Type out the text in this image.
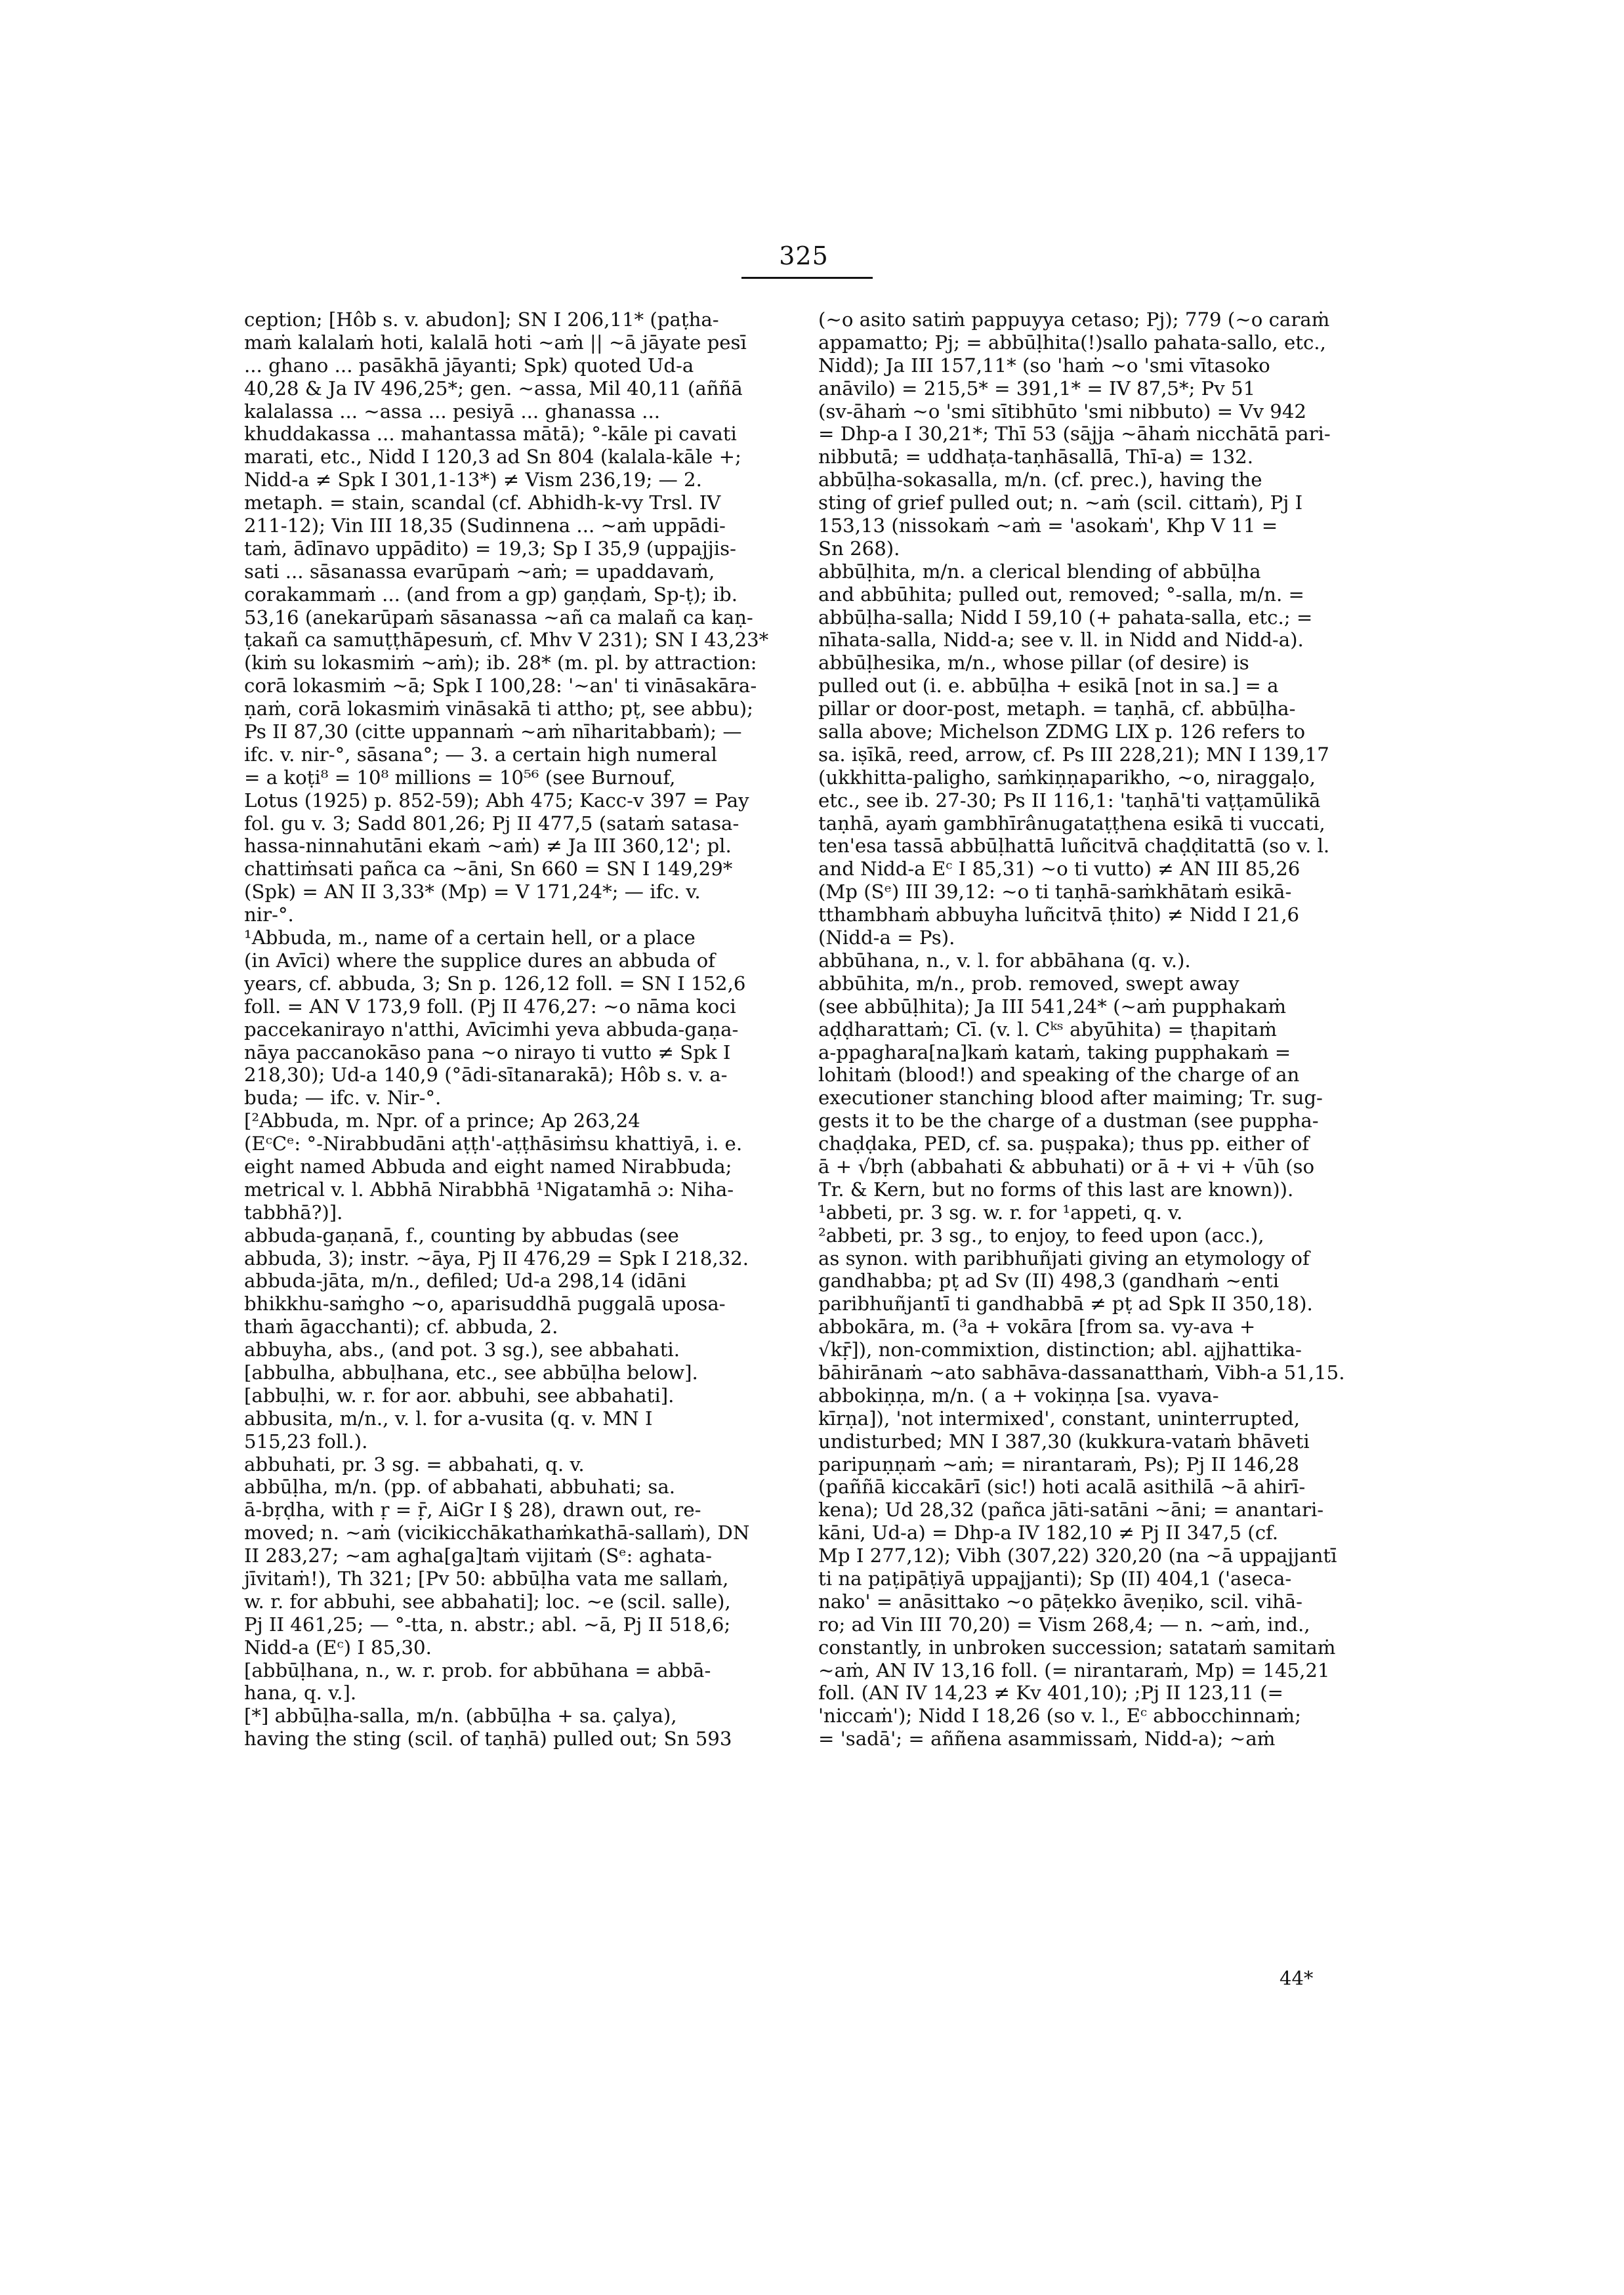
325
ception; [Hôb s. v. abudon]; SN I 206,11* (paṭha-
maṁ kalalaṁ hoti, kalalā hoti ~aṁ || ~ā jāyate pesī
... ghano ... pasākhā jāyanti; Spk) quoted Ud-a
40,28 & Ja IV 496,25*; gen. ~assa, Mil 40,11 (aññā
kalalassa ... ~assa ... pesiyā ... ghanassa ...
khuddakassa ... mahantassa mātā); °-kāle pi cavati
marati, etc., Nidd I 120,3 ad Sn 804 (kalala-kāle +;
Nidd-a ≠ Spk I 301,1-13*) ≠ Vism 236,19; — 2.
metaph. = stain, scandal (cf. Abhidh-k-vy Trsl. IV
211-12); Vin III 18,35 (Sudinnena ... ~aṁ uppādi-
taṁ, ādīnavo uppādito) = 19,3; Sp I 35,9 (uppajjis-
sati ... sāsanassa evarūpaṁ ~aṁ; = upaddavaṁ,
corakammaṁ ... (and from a gp) gaṇḍaṁ, Sp-ṭ); ib.
53,16 (anekarūpaṁ sāsanassa ~añ ca malañ ca kaṇ-
ṭakañ ca samuṭṭhāpesuṁ, cf. Mhv V 231); SN I 43,23*
(kiṁ su lokasmiṁ ~aṁ); ib. 28* (m. pl. by attraction:
corā lokasmiṁ ~ā; Spk I 100,28: '~an' ti vināsakāra-
ṇaṁ, corā lokasmiṁ vināsakā ti attho; pṭ, see abbu);
Ps II 87,30 (citte uppannaṁ ~aṁ nīharitabbaṁ); —
ifc. v. nir-°, sāsana°; — 3. a certain high numeral
= a koṭi⁸ = 10⁸ millions = 10⁵⁶ (see Burnouf,
Lotus (1925) p. 852-59); Abh 475; Kacc-v 397 = Pay
fol. gu v. 3; Sadd 801,26; Pj II 477,5 (sataṁ satasa-
hassa-ninnahutāni ekaṁ ~aṁ) ≠ Ja III 360,12'; pl.
chattiṁsati pañca ca ~āni, Sn 660 = SN I 149,29*
(Spk) = AN II 3,33* (Mp) = V 171,24*; — ifc. v.
nir-°.
¹Abbuda, m., name of a certain hell, or a place
(in Avīci) where the supplice dures an abbuda of
years, cf. abbuda, 3; Sn p. 126,12 foll. = SN I 152,6
foll. = AN V 173,9 foll. (Pj II 476,27: ~o nāma koci
paccekanirayo n'atthi, Avīcimhi yeva abbuda-gaṇa-
nāya paccanokāso pana ~o nirayo ti vutto ≠ Spk I
218,30); Ud-a 140,9 (°ādi-sītanarakā); Hôb s. v. a-
buda; — ifc. v. Nir-°.
[²Abbuda, m. Npr. of a prince; Ap 263,24
(EᶜCᵉ: °-Nirabbudāni aṭṭh'-aṭṭhāsiṁsu khattiyā, i. e.
eight named Abbuda and eight named Nirabbuda;
metrical v. l. Abbhā Nirabbhā ¹Nigatamhā ɔ: Niha-
tabbhā?)].
abbuda-gaṇanā, f., counting by abbudas (see
abbuda, 3); instr. ~āya, Pj II 476,29 = Spk I 218,32.
abbuda-jāta, m/n., defiled; Ud-a 298,14 (idāni
bhikkhu-saṁgho ~o, aparisuddhā puggalā uposa-
thaṁ āgacchanti); cf. abbuda, 2.
abbuyha, abs., (and pot. 3 sg.), see abbahati.
[abbulha, abbuḷhana, etc., see abbūḷha below].
[abbuḷhi, w. r. for aor. abbuhi, see abbahati].
abbusita, m/n., v. l. for a-vusita (q. v. MN I
515,23 foll.).
abbuhati, pr. 3 sg. = abbahati, q. v.
abbūḷha, m/n. (pp. of abbahati, abbuhati; sa.
ā-bṛḍha, with ṛ = ṝ, AiGr I § 28), drawn out, re-
moved; n. ~aṁ (vicikicchākathaṁkathā-sallaṁ), DN
II 283,27; ~am agha[ga]taṁ vijitaṁ (Sᵉ: aghata-
jīvitaṁ!), Th 321; [Pv 50: abbūḷha vata me sallaṁ,
w. r. for abbuhi, see abbahati]; loc. ~e (scil. salle),
Pj II 461,25; — °-tta, n. abstr.; abl. ~ā, Pj II 518,6;
Nidd-a (Eᶜ) I 85,30.
[abbūḷhana, n., w. r. prob. for abbūhana = abbā-
hana, q. v.].
[*] abbūḷha-salla, m/n. (abbūḷha + sa. çalya),
having the sting (scil. of taṇhā) pulled out; Sn 593
(~o asito satiṁ pappuyya cetaso; Pj); 779 (~o caraṁ
appamatto; Pj; = abbūḷhita(!)sallo pahata-sallo, etc.,
Nidd); Ja III 157,11* (so 'haṁ ~o 'smi vītasoko
anāvilo) = 215,5* = 391,1* = IV 87,5*; Pv 51
(sv-āhaṁ ~o 'smi sītibhūto 'smi nibbuto) = Vv 942
= Dhp-a I 30,21*; Thī 53 (sājja ~āhaṁ nicchātā pari-
nibbutā; = uddhaṭa-taṇhāsallā, Thī-a) = 132.
abbūḷha-sokasalla, m/n. (cf. prec.), having the
sting of grief pulled out; n. ~aṁ (scil. cittaṁ), Pj I
153,13 (nissokaṁ ~aṁ = 'asokaṁ', Khp V 11 =
Sn 268).
abbūḷhita, m/n. a clerical blending of abbūḷha
and abbūhita; pulled out, removed; °-salla, m/n. =
abbūḷha-salla; Nidd I 59,10 (+ pahata-salla, etc.; =
nīhata-salla, Nidd-a; see v. ll. in Nidd and Nidd-a).
abbūḷhesika, m/n., whose pillar (of desire) is
pulled out (i. e. abbūḷha + esikā [not in sa.] = a
pillar or door-post, metaph. = taṇhā, cf. abbūḷha-
salla above; Michelson ZDMG LIX p. 126 refers to
sa. iṣīkā, reed, arrow, cf. Ps III 228,21); MN I 139,17
(ukkhitta-paligho, saṁkiṇṇaparikho, ~o, niraggaḷo,
etc., see ib. 27-30; Ps II 116,1: 'taṇhā'ti vaṭṭamūlikā
taṇhā, ayaṁ gambhīrânugataṭṭhena esikā ti vuccati,
ten'esa tassā abbūḷhattā luñcitvā chaḍḍitattā (so v. l.
and Nidd-a Eᶜ I 85,31) ~o ti vutto) ≠ AN III 85,26
(Mp (Sᵉ) III 39,12: ~o ti taṇhā-saṁkhātaṁ esikā-
tthambhaṁ abbuyha luñcitvā ṭhito) ≠ Nidd I 21,6
(Nidd-a = Ps).
abbūhana, n., v. l. for abbāhana (q. v.).
abbūhita, m/n., prob. removed, swept away
(see abbūḷhita); Ja III 541,24* (~aṁ pupphakaṁ
aḍḍharattaṁ; Cī. (v. l. Cᵏˢ abyūhita) = ṭhapitaṁ
a-ppaghara[na]kaṁ kataṁ, taking pupphakaṁ =
lohitaṁ (blood!) and speaking of the charge of an
executioner stanching blood after maiming; Tr. sug-
gests it to be the charge of a dustman (see puppha-
chaḍḍaka, PED, cf. sa. puṣpaka); thus pp. either of
ā + √bṛh (abbahati & abbuhati) or ā + vi + √ūh (so
Tr. & Kern, but no forms of this last are known)).
¹abbeti, pr. 3 sg. w. r. for ¹appeti, q. v.
²abbeti, pr. 3 sg., to enjoy, to feed upon (acc.),
as synon. with paribhuñjati giving an etymology of
gandhabba; pṭ ad Sv (II) 498,3 (gandhaṁ ~enti
paribhuñjantī ti gandhabbā ≠ pṭ ad Spk II 350,18).
abbokāra, m. (³a + vokāra [from sa. vy-ava +
√kṝ]), non-commixtion, distinction; abl. ajjhattika-
bāhirānaṁ ~ato sabhāva-dassanatthaṁ, Vibh-a 51,15.
abbokiṇṇa, m/n. ( a + vokiṇṇa [sa. vyava-
kīrṇa]), 'not intermixed', constant, uninterrupted,
undisturbed; MN I 387,30 (kukkura-vataṁ bhāveti
paripuṇṇaṁ ~aṁ; = nirantaraṁ, Ps); Pj II 146,28
(paññā kiccakārī (sic!) hoti acalā asithilā ~ā ahirī-
kena); Ud 28,32 (pañca jāti-satāni ~āni; = anantari-
kāni, Ud-a) = Dhp-a IV 182,10 ≠ Pj II 347,5 (cf.
Mp I 277,12); Vibh (307,22) 320,20 (na ~ā uppajjantī
ti na paṭipāṭiyā uppajjanti); Sp (II) 404,1 ('aseca-
nako' = anāsittako ~o pāṭekko āveṇiko, scil. vihā-
ro; ad Vin III 70,20) = Vism 268,4; — n. ~aṁ, ind.,
constantly, in unbroken succession; satataṁ samitaṁ
~aṁ, AN IV 13,16 foll. (= nirantaraṁ, Mp) = 145,21
foll. (AN IV 14,23 ≠ Kv 401,10); ;Pj II 123,11 (=
'niccaṁ'); Nidd I 18,26 (so v. l., Eᶜ abbocchinnaṁ;
= 'sadā'; = aññena asammissaṁ, Nidd-a); ~aṁ
44*
